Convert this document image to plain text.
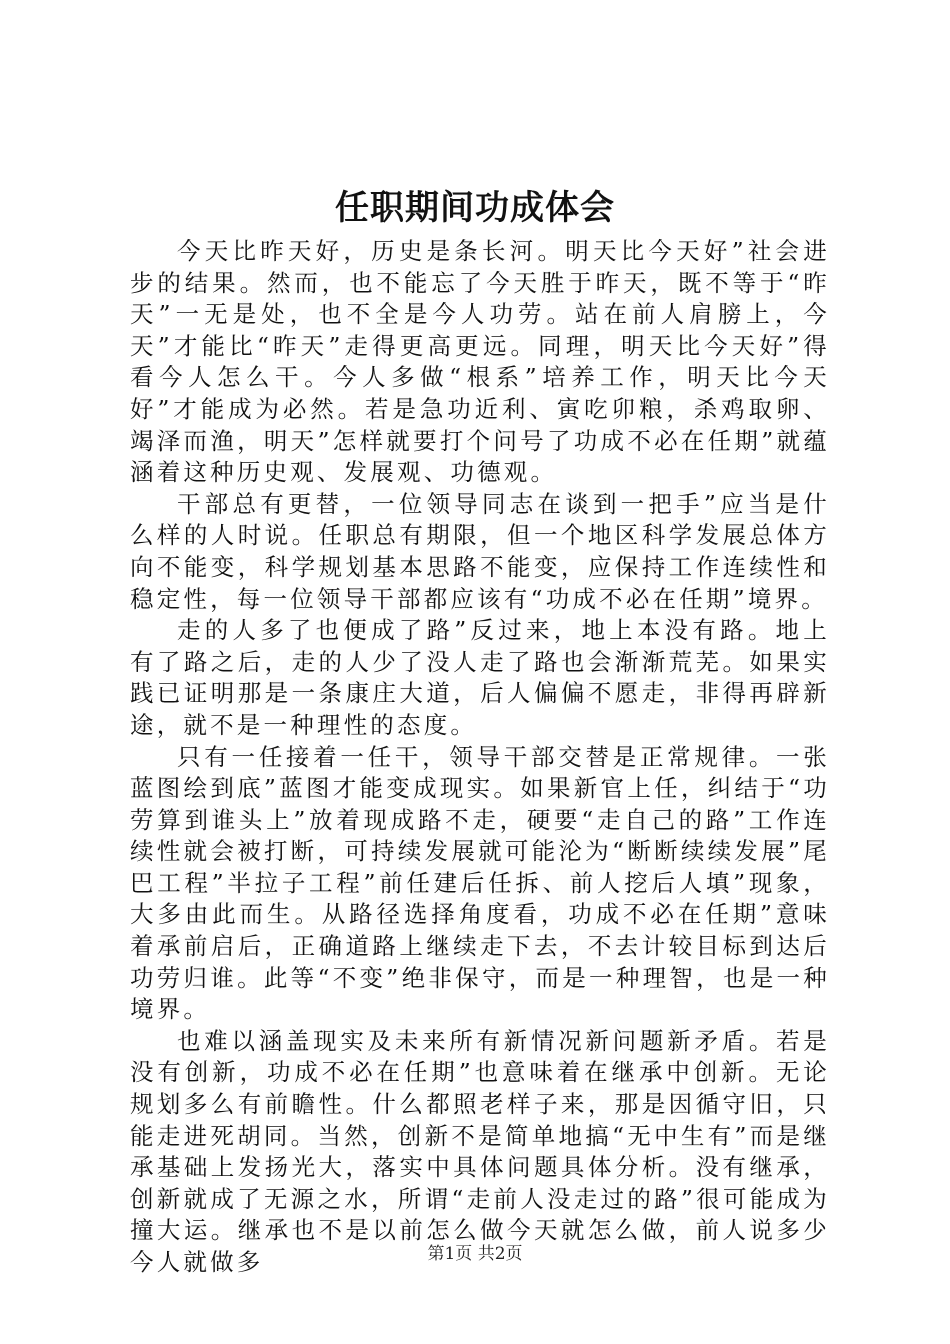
任职期间功成体会

今天比昨天好，历史是条长河。明天比今天好”社会进步的结果。然而，也不能忘了今天胜于昨天，既不等于“昨天”一无是处，也不全是今人功劳。站在前人肩膀上，今天”才能比“昨天”走得更高更远。同理，明天比今天好”得看今人怎么干。今人多做“根系”培养工作，明天比今天好”才能成为必然。若是急功近利、寅吃卯粮，杀鸡取卵、竭泽而渔，明天”怎样就要打个问号了功成不必在任期”就蕴涵着这种历史观、发展观、功德观。

干部总有更替，一位领导同志在谈到一把手”应当是什么样的人时说。任职总有期限，但一个地区科学发展总体方向不能变，科学规划基本思路不能变，应保持工作连续性和稳定性，每一位领导干部都应该有“功成不必在任期”境界。

走的人多了也便成了路”反过来，地上本没有路。地上有了路之后，走的人少了没人走了路也会渐渐荒芜。如果实践已证明那是一条康庄大道，后人偏偏不愿走，非得再辟新途，就不是一种理性的态度。

只有一任接着一任干，领导干部交替是正常规律。一张蓝图绘到底”蓝图才能变成现实。如果新官上任，纠结于“功劳算到谁头上”放着现成路不走，硬要“走自己的路”工作连续性就会被打断，可持续发展就可能沦为“断断续续发展”尾巴工程”半拉子工程”前任建后任拆、前人挖后人填”现象，大多由此而生。从路径选择角度看，功成不必在任期”意味着承前启后，正确道路上继续走下去，不去计较目标到达后功劳归谁。此等“不变”绝非保守，而是一种理智，也是一种境界。

也难以涵盖现实及未来所有新情况新问题新矛盾。若是没有创新，功成不必在任期”也意味着在继承中创新。无论规划多么有前瞻性。什么都照老样子来，那是因循守旧，只能走进死胡同。当然，创新不是简单地搞“无中生有”而是继承基础上发扬光大，落实中具体问题具体分析。没有继承，创新就成了无源之水，所谓“走前人没走过的路”很可能成为撞大运。继承也不是以前怎么做今天就怎么做，前人说多少今人就做多	第1页 共2页
